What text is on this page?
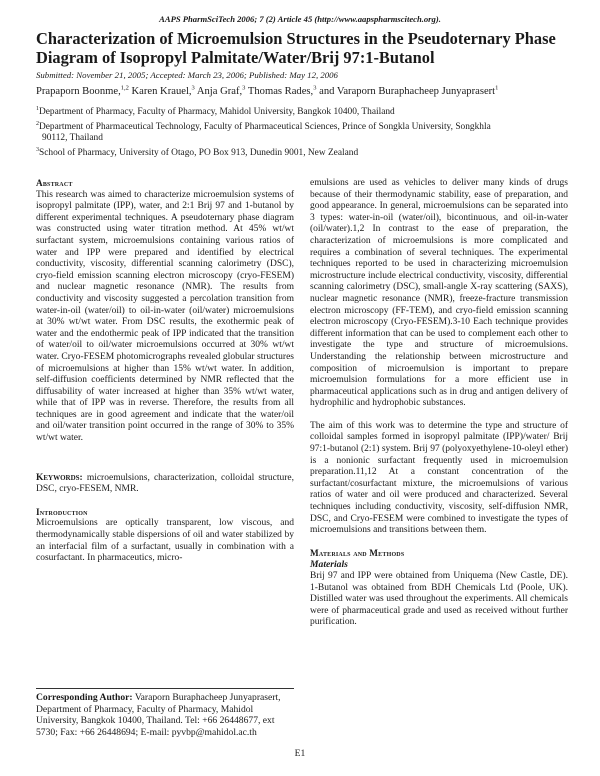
AAPS PharmSciTech 2006; 7 (2) Article 45 (http://www.aapspharmscitech.org).
Characterization of Microemulsion Structures in the Pseudoternary Phase Diagram of Isopropyl Palmitate/Water/Brij 97:1-Butanol
Submitted: November 21, 2005; Accepted: March 23, 2006; Published: May 12, 2006
Prapaporn Boonme,$^{1,2}$ Karen Krauel,$^3$ Anja Graf,$^3$ Thomas Rades,$^3$ and Varaporn Buraphacheep Junyaprasert$^1$
$^1$Department of Pharmacy, Faculty of Pharmacy, Mahidol University, Bangkok 10400, Thailand
$^2$Department of Pharmaceutical Technology, Faculty of Pharmaceutical Sciences, Prince of Songkla University, Songkhla
90112, Thailand
$^3$School of Pharmacy, University of Otago, PO Box 913, Dunedin 9001, New Zealand
Abstract
This research was aimed to characterize microemulsion systems of isopropyl palmitate (IPP), water, and 2:1 Brij 97 and 1-butanol by different experimental techniques. A pseudoternary phase diagram was constructed using water titration method. At 45% wt/wt surfactant system, microemulsions containing various ratios of water and IPP were prepared and identified by electrical conductivity, viscosity, differential scanning calorimetry (DSC), cryo-field emission scanning electron microscopy (cryo-FESEM) and nuclear magnetic resonance (NMR). The results from conductivity and viscosity suggested a percolation transition from water-in-oil (water/oil) to oil-in-water (oil/water) microemulsions at 30% wt/wt water. From DSC results, the exothermic peak of water and the endothermic peak of IPP indicated that the transition of water/oil to oil/water microemulsions occurred at 30% wt/wt water. Cryo-FESEM photomicrographs revealed globular structures of microemulsions at higher than 15% wt/wt water. In addition, self-diffusion coefficients determined by NMR reflected that the diffusability of water increased at higher than 35% wt/wt water, while that of IPP was in reverse. Therefore, the results from all techniques are in good agreement and indicate that the water/oil and oil/water transition point occurred in the range of 30% to 35% wt/wt water.
Keywords: microemulsions, characterization, colloidal structure, DSC, cryo-FESEM, NMR.
Introduction
Microemulsions are optically transparent, low viscous, and thermodynamically stable dispersions of oil and water stabilized by an interfacial film of a surfactant, usually in combination with a cosurfactant. In pharmaceutics, micro-
emulsions are used as vehicles to deliver many kinds of drugs because of their thermodynamic stability, ease of preparation, and good appearance. In general, microemulsions can be separated into 3 types: water-in-oil (water/oil), bicontinuous, and oil-in-water (oil/water).1,2 In contrast to the ease of preparation, the characterization of microemulsions is more complicated and requires a combination of several techniques. The experimental techniques reported to be used in characterizing microemulsion microstructure include electrical conductivity, viscosity, differential scanning calorimetry (DSC), small-angle X-ray scattering (SAXS), nuclear magnetic resonance (NMR), freeze-fracture transmission electron microscopy (FF-TEM), and cryo-field emission scanning electron microscopy (Cryo-FESEM).3-10 Each technique provides different information that can be used to complement each other to investigate the type and structure of microemulsions. Understanding the relationship between microstructure and composition of microemulsion is important to prepare microemulsion formulations for a more efficient use in pharmaceutical applications such as in drug and antigen delivery of hydrophilic and hydrophobic substances.
The aim of this work was to determine the type and structure of colloidal samples formed in isopropyl palmitate (IPP)/water/ Brij 97:1-butanol (2:1) system. Brij 97 (polyoxyethylene-10-oleyl ether) is a nonionic surfactant frequently used in microemulsion preparation.11,12 At a constant concentration of the surfactant/cosurfactant mixture, the microemulsions of various ratios of water and oil were produced and characterized. Several techniques including conductivity, viscosity, self-diffusion NMR, DSC, and Cryo-FESEM were combined to investigate the types of microemulsions and transitions between them.
Materials and Methods
Materials
Brij 97 and IPP were obtained from Uniquema (New Castle, DE). 1-Butanol was obtained from BDH Chemicals Ltd (Poole, UK). Distilled water was used throughout the experiments. All chemicals were of pharmaceutical grade and used as received without further purification.
Corresponding Author: Varaporn Buraphacheep Junyaprasert, Department of Pharmacy, Faculty of Pharmacy, Mahidol University, Bangkok 10400, Thailand. Tel: +66 26448677, ext 5730; Fax: +66 26448694; E-mail: pyvbp@mahidol.ac.th
E1
